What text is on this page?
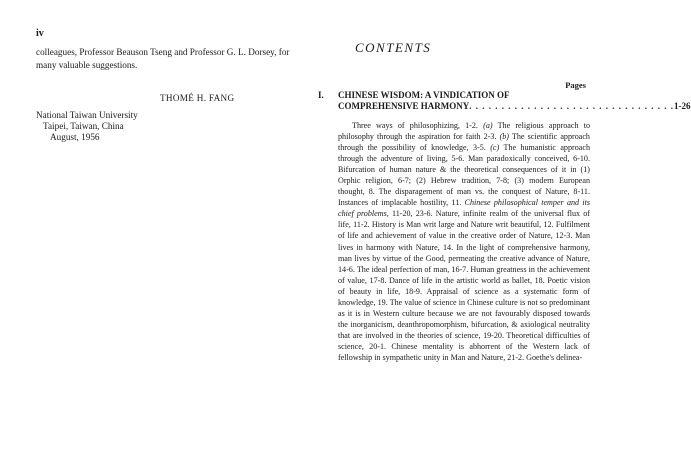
iv
colleagues, Professor Beauson Tseng and Professor G. L. Dorsey, for many valuable suggestions.
THOMÉ H. FANG
National Taiwan University
Taipei, Taiwan, China
August, 1956
CONTENTS
Pages
I. CHINESE WISDOM: A VINDICATION OF
COMPREHENSIVE HARMONY . . . . . . . . . . . . . . . . . . . . . . . . . . . . . . . . 1-26
Three ways of philosophizing, 1-2. (a) The religious approach to philosophy through the aspiration for faith 2-3. (b) The scientific approach through the possibility of knowledge, 3-5. (c) The humanistic approach through the adventure of living, 5-6. Man paradoxically conceived, 6-10. Bifurcation of human nature & the theoretical consequences of it in (1) Orphic religion, 6-7; (2) Hebrew tradition, 7-8; (3) modern European thought, 8. The disparagement of man vs. the conquest of Nature, 8-11. Instances of implacable hostility, 11. Chinese philosophical temper and its chief problems, 11-20, 23-6. Nature, infinite realm of the universal flux of life, 11-2. History is Man writ large and Nature writ beautiful, 12. Fulfilment of life and achievement of value in the creative order of Nature, 12-3. Man lives in harmony with Nature, 14. In the light of comprehensive harmony, man lives by virtue of the Good, permeating the creative advance of Nature, 14-6. The ideal perfection of man, 16-7. Human greatness in the achievement of value, 17-8. Dance of life in the artistic world as ballet, 18. Poetic vision of beauty in life, 18-9. Appraisal of science as a systematic form of knowledge, 19. The value of science in Chinese culture is not so predominant as it is in Western culture because we are not favourably disposed towards the inorganicism, deanthropomorphism, bifurcation, & axiological neutrality that are involved in the theories of science, 19-20. Theoretical difficulties of science, 20-1. Chinese mentality is abhorrent of the Western lack of fellowship in sympathetic unity in Man and Nature, 21-2. Goethe's delinea-
